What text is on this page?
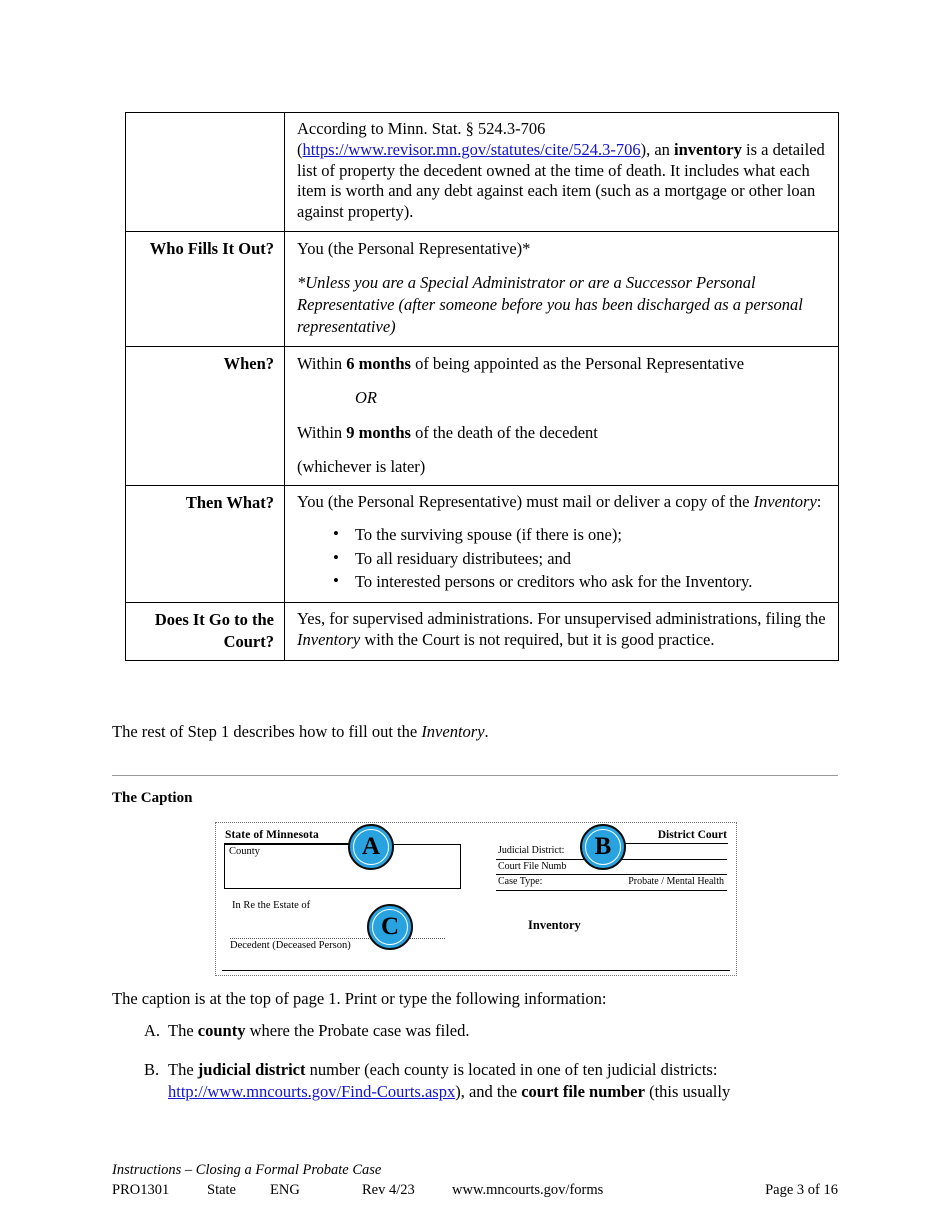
	According to Minn. Stat. § 524.3-706 (https://www.revisor.mn.gov/statutes/cite/524.3-706), an inventory is a detailed list of property the decedent owned at the time of death. It includes what each item is worth and any debt against each item (such as a mortgage or other loan against property).

Who Fills It Out?	You (the Personal Representative)*

*Unless you are a Special Administrator or are a Successor Personal Representative (after someone before you has been discharged as a personal representative)

When?	Within 6 months of being appointed as the Personal Representative

OR

Within 9 months of the death of the decedent

(whichever is later)

Then What?	You (the Personal Representative) must mail or deliver a copy of the Inventory:

• To the surviving spouse (if there is one);
• To all residuary distributees; and
• To interested persons or creditors who ask for the Inventory.

Does It Go to the Court?	Yes, for supervised administrations. For unsupervised administrations, filing the Inventory with the Court is not required, but it is good practice.

The rest of Step 1 describes how to fill out the Inventory.
The Caption
State of Minnesota	District Court
County	Judicial District:
Court File Numb
Case Type:	Probate / Mental Health
In Re the Estate of
Decedent (Deceased Person)
Inventory
A	B
C
The caption is at the top of page 1. Print or type the following information:
A. The county where the Probate case was filed.
B. The judicial district number (each county is located in one of ten judicial districts: http://www.mncourts.gov/Find-Courts.aspx), and the court file number (this usually
Instructions – Closing a Formal Probate Case
PRO1301	State ENG	Rev 4/23	www.mncourts.gov/forms	Page 3 of 16
